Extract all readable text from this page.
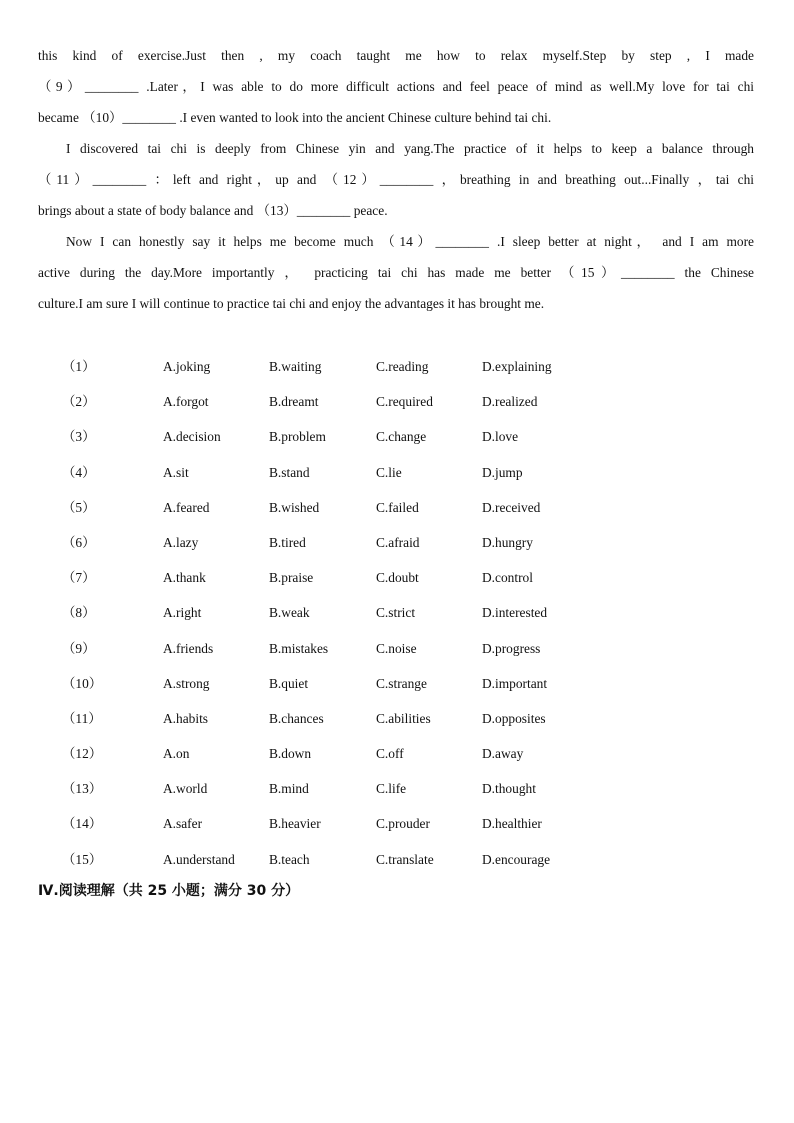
this kind of exercise.Just then , my coach taught me how to relax myself.Step by step , I made
（9）________ .Later，I was able to do more difficult actions and feel peace of mind as well.My love for tai chi
became （10）________ .I even wanted to look into the ancient Chinese culture behind tai chi.
I discovered tai chi is deeply from Chinese yin and yang.The practice of it helps to keep a balance through
（11）________ ：left and right，up and （12）________ ，breathing in and breathing out...Finally ，tai chi
brings about a state of body balance and （13）________ peace.
Now I can honestly say it helps me become much （14）________ .I sleep better at night， and I am more
active during the day.More importantly ， practicing tai chi has made me better （15）________ the Chinese
culture.I am sure I will continue to practice tai chi and enjoy the advantages it has brought me.
（1）	A.joking	B.waiting	C.reading	D.explaining
（2）	A.forgot	B.dreamt	C.required	D.realized
（3）	A.decision	B.problem	C.change	D.love
（4）	A.sit	B.stand	C.lie	D.jump
（5）	A.feared	B.wished	C.failed	D.received
（6）	A.lazy	B.tired	C.afraid	D.hungry
（7）	A.thank	B.praise	C.doubt	D.control
（8）	A.right	B.weak	C.strict	D.interested
（9）	A.friends	B.mistakes	C.noise	D.progress
（10）	A.strong	B.quiet	C.strange	D.important
（11）	A.habits	B.chances	C.abilities	D.opposites
（12）	A.on	B.down	C.off	D.away
（13）	A.world	B.mind	C.life	D.thought
（14）	A.safer	B.heavier	C.prouder	D.healthier
（15）	A.understand	B.teach	C.translate	D.encourage
Ⅳ.阅读理解（共 25 小题；满分 30 分）
